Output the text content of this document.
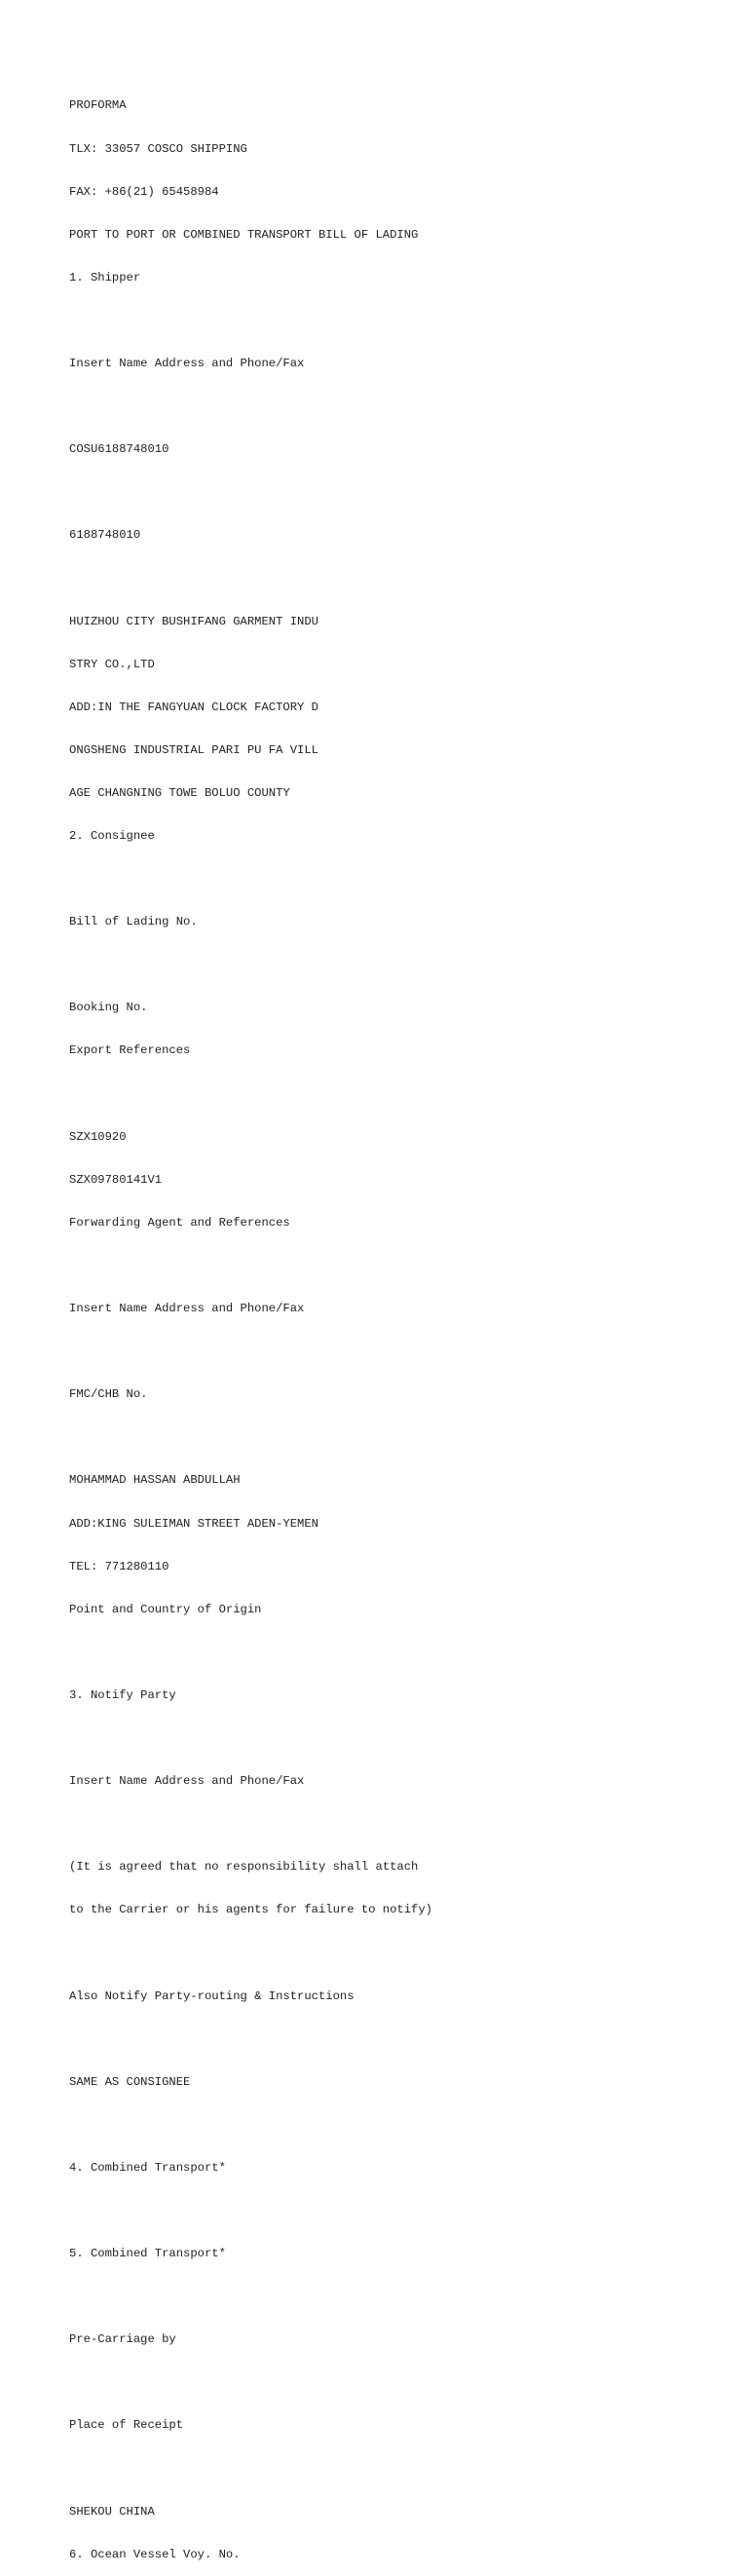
PROFORMA

TLX: 33057 COSCO SHIPPING

FAX: +86(21) 65458984

PORT TO PORT OR COMBINED TRANSPORT BILL OF LADING

1. Shipper

Insert Name Address and Phone/Fax

COSU6188748010

6188748010

HUIZHOU CITY BUSHIFANG GARMENT INDU

STRY CO.,LTD

ADD:IN THE FANGYUAN CLOCK FACTORY D

ONGSHENG INDUSTRIAL PARI PU FA VILL

AGE CHANGNING TOWE BOLUO COUNTY

2. Consignee

Bill of Lading No.

Booking No.

Export References

SZX10920

SZX09780141V1

Forwarding Agent and References

Insert Name Address and Phone/Fax

FMC/CHB No.

MOHAMMAD HASSAN ABDULLAH

ADD:KING SULEIMAN STREET ADEN-YEMEN

TEL: 771280110

Point and Country of Origin

3. Notify Party

Insert Name Address and Phone/Fax

(It is agreed that no responsibility shall attach

to the Carrier or his agents for failure to notify)

Also Notify Party-routing & Instructions

SAME AS CONSIGNEE

4. Combined Transport*

5. Combined Transport*

Pre-Carriage by

Place of Receipt

SHEKOU CHINA

6. Ocean Vessel Voy. No.
